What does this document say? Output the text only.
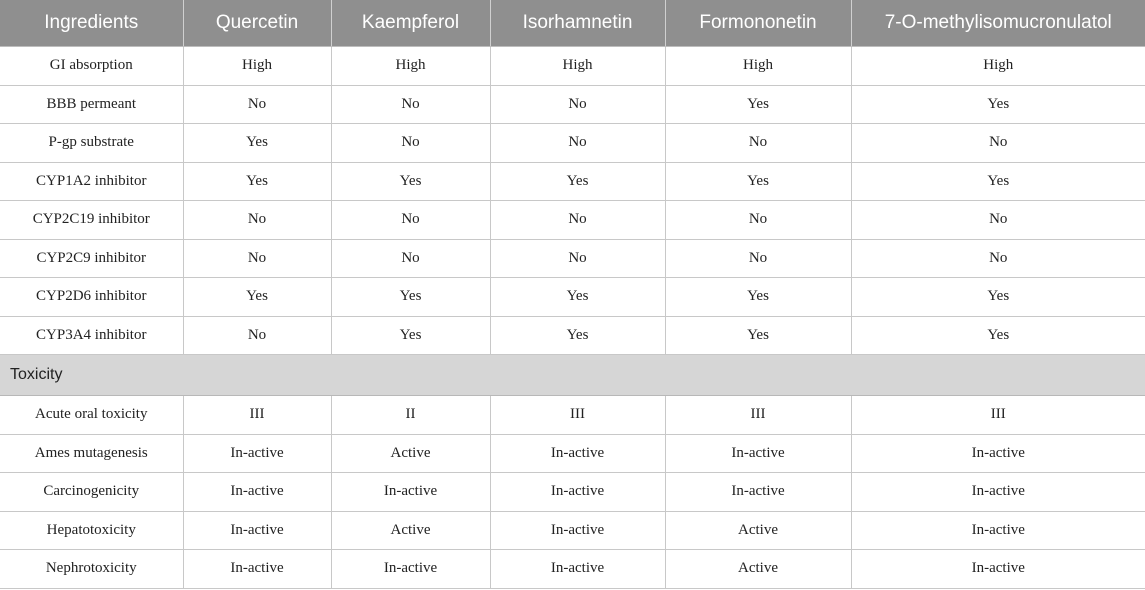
Ingredients	Quercetin	Kaempferol	Isorhamnetin	Formononetin	7-O-methylisomucronulatol
GI absorption	High	High	High	High	High
BBB permeant	No	No	No	Yes	Yes
P-gp substrate	Yes	No	No	No	No
CYP1A2 inhibitor	Yes	Yes	Yes	Yes	Yes
CYP2C19 inhibitor	No	No	No	No	No
CYP2C9 inhibitor	No	No	No	No	No
CYP2D6 inhibitor	Yes	Yes	Yes	Yes	Yes
CYP3A4 inhibitor	No	Yes	Yes	Yes	Yes
Toxicity					
Acute oral toxicity	III	II	III	III	III
Ames mutagenesis	In-active	Active	In-active	In-active	In-active
Carcinogenicity	In-active	In-active	In-active	In-active	In-active
Hepatotoxicity	In-active	Active	In-active	Active	In-active
Nephrotoxicity	In-active	In-active	In-active	Active	In-active
